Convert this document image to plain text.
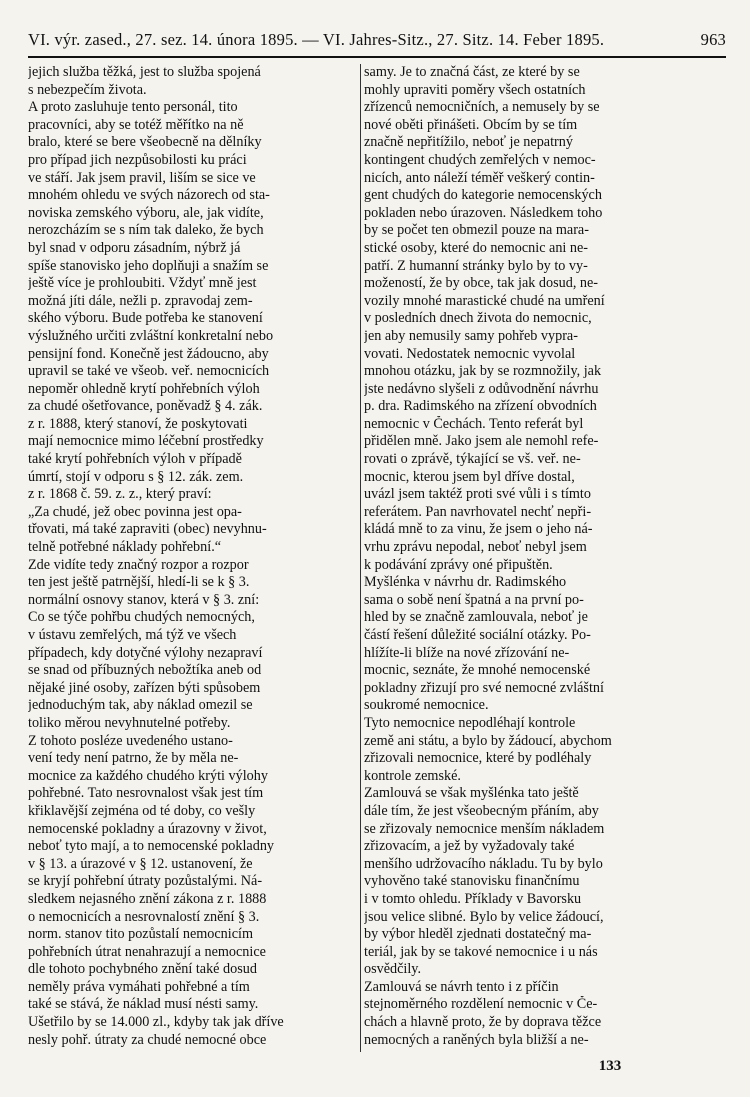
VI. výr. zased., 27. sez. 14. února 1895. — VI. Jahres-Sitz., 27. Sitz. 14. Feber 1895.	963
jejich služba těžká, jest to služba spojená
s nebezpečím života.
A proto zasluhuje tento personál, tito
pracovníci, aby se totéž měřítko na ně
bralo, které se bere všeobecně na dělníky
pro případ jich nezpůsobilosti ku práci
ve stáří. Jak jsem pravil, liším se sice ve
mnohém ohledu ve svých názorech od sta-
noviska zemského výboru, ale, jak vidíte,
nerozcházím se s ním tak daleko, že bych
byl snad v odporu zásadním, nýbrž já
spíše stanovisko jeho doplňuji a snažím se
ještě více je prohloubiti. Vždyť mně jest
možná jíti dále, nežli p. zpravodaj zem-
ského výboru. Bude potřeba ke stanovení
výslužného určiti zvláštní konkretalní nebo
pensijní fond. Konečně jest žádoucno, aby
upravil se také ve všeob. veř. nemocnicích
nepoměr ohledně krytí pohřebních výloh
za chudé ošetřovance, poněvadž § 4. zák.
z r. 1888, který stanoví, že poskytovati
mají nemocnice mimo léčební prostředky
také krytí pohřebních výloh v případě
úmrtí, stojí v odporu s § 12. zák. zem.
z r. 1868 č. 59. z. z., který praví:
„Za chudé, jež obec povinna jest opa-
třovati, má také zapraviti (obec) nevyhnu-
telně potřebné náklady pohřební.“
Zde vidíte tedy značný rozpor a rozpor
ten jest ještě patrnější, hledí-li se k § 3.
normální osnovy stanov, která v § 3. zní:
Co se týče pohřbu chudých nemocných,
v ústavu zemřelých, má týž ve všech
případech, kdy dotyčné výlohy nezapraví
se snad od příbuzných nebožtíka aneb od
nějaké jiné osoby, zařízen býti spůsobem
jednoduchým tak, aby náklad omezil se
toliko měrou nevyhnutelné potřeby.
Z tohoto posléze uvedeného ustano-
vení tedy není patrno, že by měla ne-
mocnice za každého chudého krýti výlohy
pohřebné. Tato nesrovnalost však jest tím
křiklavější zejména od té doby, co vešly
nemocenské pokladny a úrazovny v život,
neboť tyto mají, a to nemocenské pokladny
v § 13. a úrazové v § 12. ustanovení, že
se kryjí pohřební útraty pozůstalými. Ná-
sledkem nejasného znění zákona z r. 1888
o nemocnicích a nesrovnalostí znění § 3.
norm. stanov tito pozůstalí nemocnicím
pohřebních útrat nenahrazují a nemocnice
dle tohoto pochybného znění také dosud
neměly práva vymáhati pohřebné a tím
také se stává, že náklad musí nésti samy.
Ušetřilo by se 14.000 zl., kdyby tak jak dříve
nesly pohř. útraty za chudé nemocné obce
samy. Je to značná část, ze které by se
mohly upraviti poměry všech ostatních
zřízenců nemocničních, a nemusely by se
nové oběti přinášeti. Obcím by se tím
značně nepřitížilo, neboť je nepatrný
kontingent chudých zemřelých v nemoc-
nicích, anto náleží téměř veškerý contin-
gent chudých do kategorie nemocenských
pokladen nebo úrazoven. Následkem toho
by se počet ten obmezil pouze na mara-
stické osoby, které do nemocnic ani ne-
patří. Z humanní stránky bylo by to vy-
možeností, že by obce, tak jak dosud, ne-
vozily mnohé marastické chudé na umření
v posledních dnech života do nemocnic,
jen aby nemusily samy pohřeb vypra-
vovati. Nedostatek nemocnic vyvolal
mnohou otázku, jak by se rozmnožily, jak
jste nedávno slyšeli z odůvodnění návrhu
p. dra. Radimského na zřízení obvodních
nemocnic v Čechách. Tento referát byl
přidělen mně. Jako jsem ale nemohl refe-
rovati o zprávě, týkající se vš. veř. ne-
mocnic, kterou jsem byl dříve dostal,
uvázl jsem taktéž proti své vůli i s tímto
referátem. Pan navrhovatel nechť nepři-
kládá mně to za vinu, že jsem o jeho ná-
vrhu zprávu nepodal, neboť nebyl jsem
k podávání zprávy oné připuštěn.
Myšlénka v návrhu dr. Radimského
sama o sobě není špatná a na první po-
hled by se značně zamlouvala, neboť je
částí řešení důležité sociální otázky. Po-
hlížíte-li blíže na nové zřízování ne-
mocnic, seznáte, že mnohé nemocenské
pokladny zřizují pro své nemocné zvláštní
soukromé nemocnice.
Tyto nemocnice nepodléhají kontrole
země ani státu, a bylo by žádoucí, abychom
zřizovali nemocnice, které by podléhaly
kontrole zemské.
Zamlouvá se však myšlénka tato ještě
dále tím, že jest všeobecným přáním, aby
se zřizovaly nemocnice menším nákladem
zřizovacím, a jež by vyžadovaly také
menšího udržovacího nákladu. Tu by bylo
vyhověno také stanovisku finančnímu
i v tomto ohledu. Příklady v Bavorsku
jsou velice slibné. Bylo by velice žádoucí,
by výbor hleděl zjednati dostatečný ma-
teriál, jak by se takové nemocnice i u nás
osvědčily.
Zamlouvá se návrh tento i z příčin
stejnoměrného rozdělení nemocnic v Če-
chách a hlavně proto, že by doprava těžce
nemocných a raněných byla bližší a ne-
133
